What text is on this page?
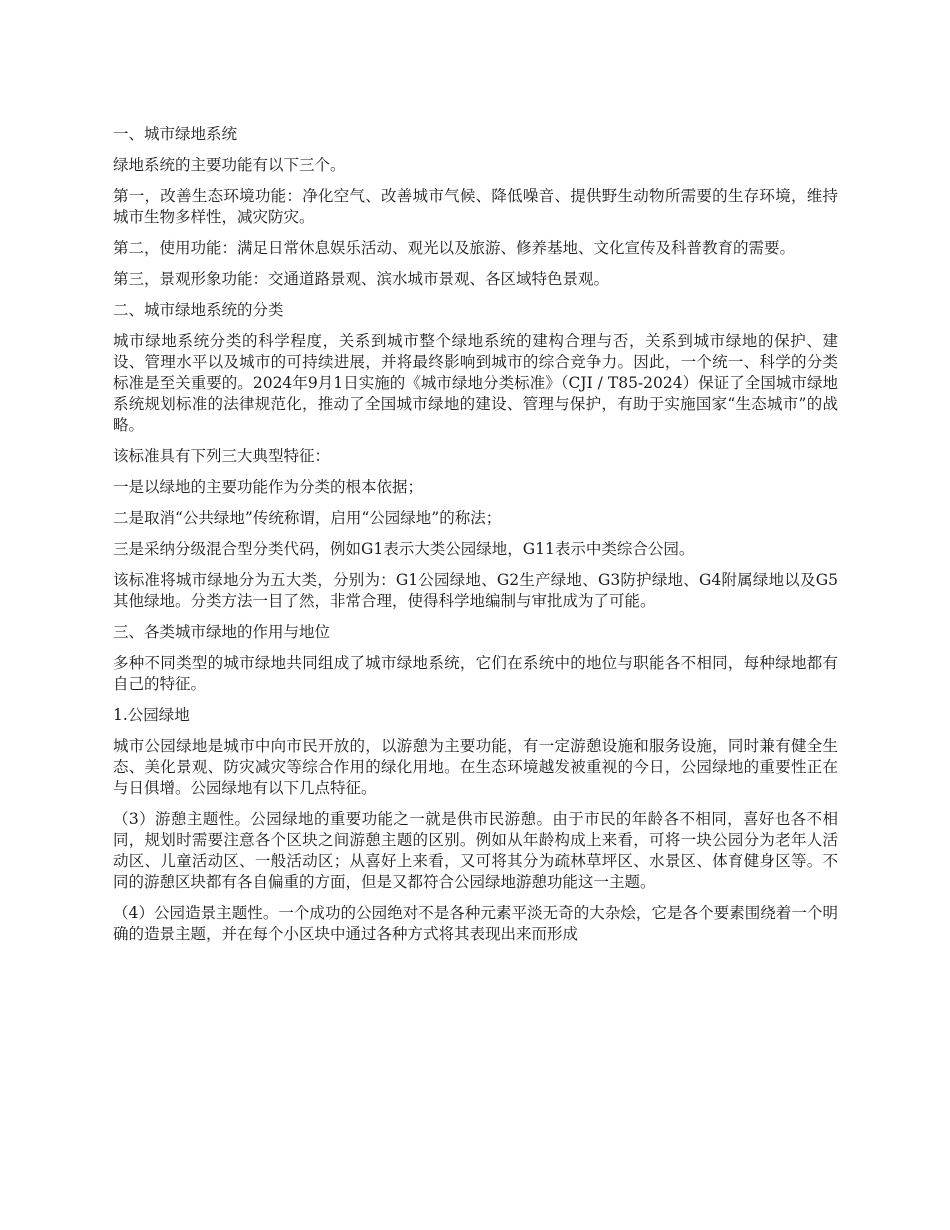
一、城市绿地系统

绿地系统的主要功能有以下三个。

第一，改善生态环境功能：净化空气、改善城市气候、降低噪音、提供野生动物所需要的生存环境，维持城市生物多样性，减灾防灾。

第二，使用功能：满足日常休息娱乐活动、观光以及旅游、修养基地、文化宣传及科普教育的需要。

第三，景观形象功能：交通道路景观、滨水城市景观、各区域特色景观。

二、城市绿地系统的分类

城市绿地系统分类的科学程度，关系到城市整个绿地系统的建构合理与否，关系到城市绿地的保护、建设、管理水平以及城市的可持续进展，并将最终影响到城市的综合竞争力。因此，一个统一、科学的分类标准是至关重要的。2024年9月1日实施的《城市绿地分类标准》（CJI / T85-2024）保证了全国城市绿地系统规划标准的法律规范化，推动了全国城市绿地的建设、管理与保护，有助于实施国家“生态城市”的战略。

该标准具有下列三大典型特征：

一是以绿地的主要功能作为分类的根本依据；

二是取消“公共绿地”传统称谓，启用“公园绿地”的称法；

三是采纳分级混合型分类代码，例如G1表示大类公园绿地，G11表示中类综合公园。

该标准将城市绿地分为五大类，分别为：G1公园绿地、G2生产绿地、G3防护绿地、G4附属绿地以及G5其他绿地。分类方法一目了然，非常合理，使得科学地编制与审批成为了可能。

三、各类城市绿地的作用与地位

多种不同类型的城市绿地共同组成了城市绿地系统，它们在系统中的地位与职能各不相同，每种绿地都有自己的特征。

1.公园绿地

城市公园绿地是城市中向市民开放的，以游憩为主要功能，有一定游憩设施和服务设施，同时兼有健全生态、美化景观、防灾减灾等综合作用的绿化用地。在生态环境越发被重视的今日，公园绿地的重要性正在与日俱增。公园绿地有以下几点特征。

（3）游憩主题性。公园绿地的重要功能之一就是供市民游憩。由于市民的年龄各不相同，喜好也各不相同，规划时需要注意各个区块之间游憩主题的区别。例如从年龄构成上来看，可将一块公园分为老年人活动区、儿童活动区、一般活动区；从喜好上来看，又可将其分为疏林草坪区、水景区、体育健身区等。不同的游憩区块都有各自偏重的方面，但是又都符合公园绿地游憩功能这一主题。

（4）公园造景主题性。一个成功的公园绝对不是各种元素平淡无奇的大杂烩，它是各个要素围绕着一个明确的造景主题，并在每个小区块中通过各种方式将其表现出来而形成
